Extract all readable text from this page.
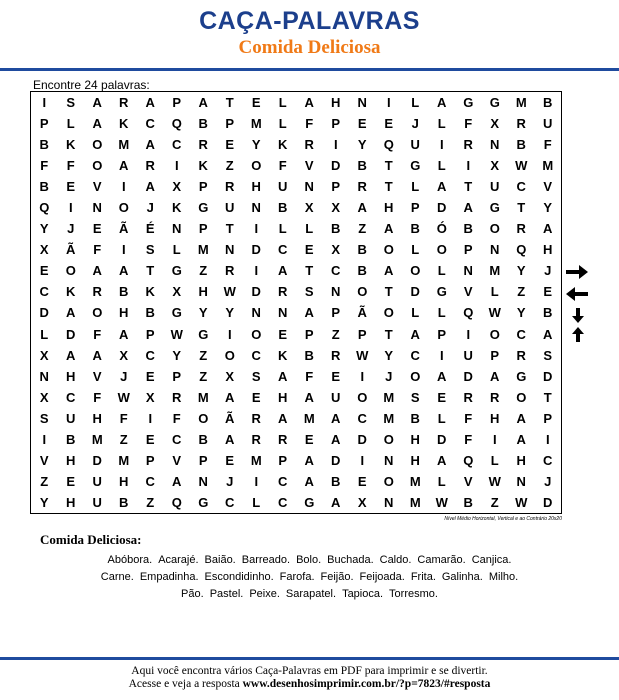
CAÇA-PALAVRAS
Comida Deliciosa
Encontre 24 palavras:
I	S	A	R	A	P	A	T	E	L	A	H	N	I	L	A	G	G	M	B
P	L	A	K	C	Q	B	P	M	L	F	P	E	E	J	L	F	X	R	U
B	K	O	M	A	C	R	E	Y	K	R	I	Y	Q	U	I	R	N	B	F
F	F	O	A	R	I	K	Z	O	F	V	D	B	T	G	L	I	X	W	M
B	E	V	I	A	X	P	R	H	U	N	P	R	T	L	A	T	U	C	V
Q	I	N	O	J	K	G	U	N	B	X	X	A	H	P	D	A	G	T	Y
Y	J	E	Ã	É	N	P	T	I	L	L	B	Z	A	B	Ó	B	O	R	A
X	Ã	F	I	S	L	M	N	D	C	E	X	B	O	L	O	P	N	Q	H
E	O	A	A	T	G	Z	R	I	A	T	C	B	A	O	L	N	M	Y	J
C	K	R	B	K	X	H	W	D	R	S	N	O	T	D	G	V	L	Z	E
D	A	O	H	B	G	Y	Y	N	N	A	P	Ã	O	L	L	Q	W	Y	B
L	D	F	A	P	W	G	I	O	E	P	Z	P	T	A	P	I	O	C	A
X	A	A	X	C	Y	Z	O	C	K	B	R	W	Y	C	I	U	P	R	S
N	H	V	J	E	P	Z	X	S	A	F	E	I	J	O	A	D	A	G	D
X	C	F	W	X	R	M	A	E	H	A	U	O	M	S	E	R	R	O	T
S	U	H	F	I	F	O	Ã	R	A	M	A	C	M	B	L	F	H	A	P
I	B	M	Z	E	C	B	A	R	R	E	A	D	O	H	D	F	I	A	I
V	H	D	M	P	V	P	E	M	P	A	D	I	N	H	A	Q	L	H	C
Z	E	U	H	C	A	N	J	I	C	A	B	E	O	M	L	V	W	N	J
Y	H	U	B	Z	Q	G	C	L	C	G	A	X	N	M	W	B	Z	W	D
Nível Médio Horizontal, Vertical e ao Contrário 20x20
Comida Deliciosa:
Abóbora. Acarajé. Baião. Barreado. Bolo. Buchada. Caldo. Camarão. Canjica.
Carne. Empadinha. Escondidinho. Farofa. Feijão. Feijoada. Frita. Galinha. Milho.
Pão. Pastel. Peixe. Sarapatel. Tapioca. Torresmo.
Aqui você encontra vários Caça-Palavras em PDF para imprimir e se divertir.
Acesse e veja a resposta www.desenhosimprimir.com.br/?p=7823/#resposta
